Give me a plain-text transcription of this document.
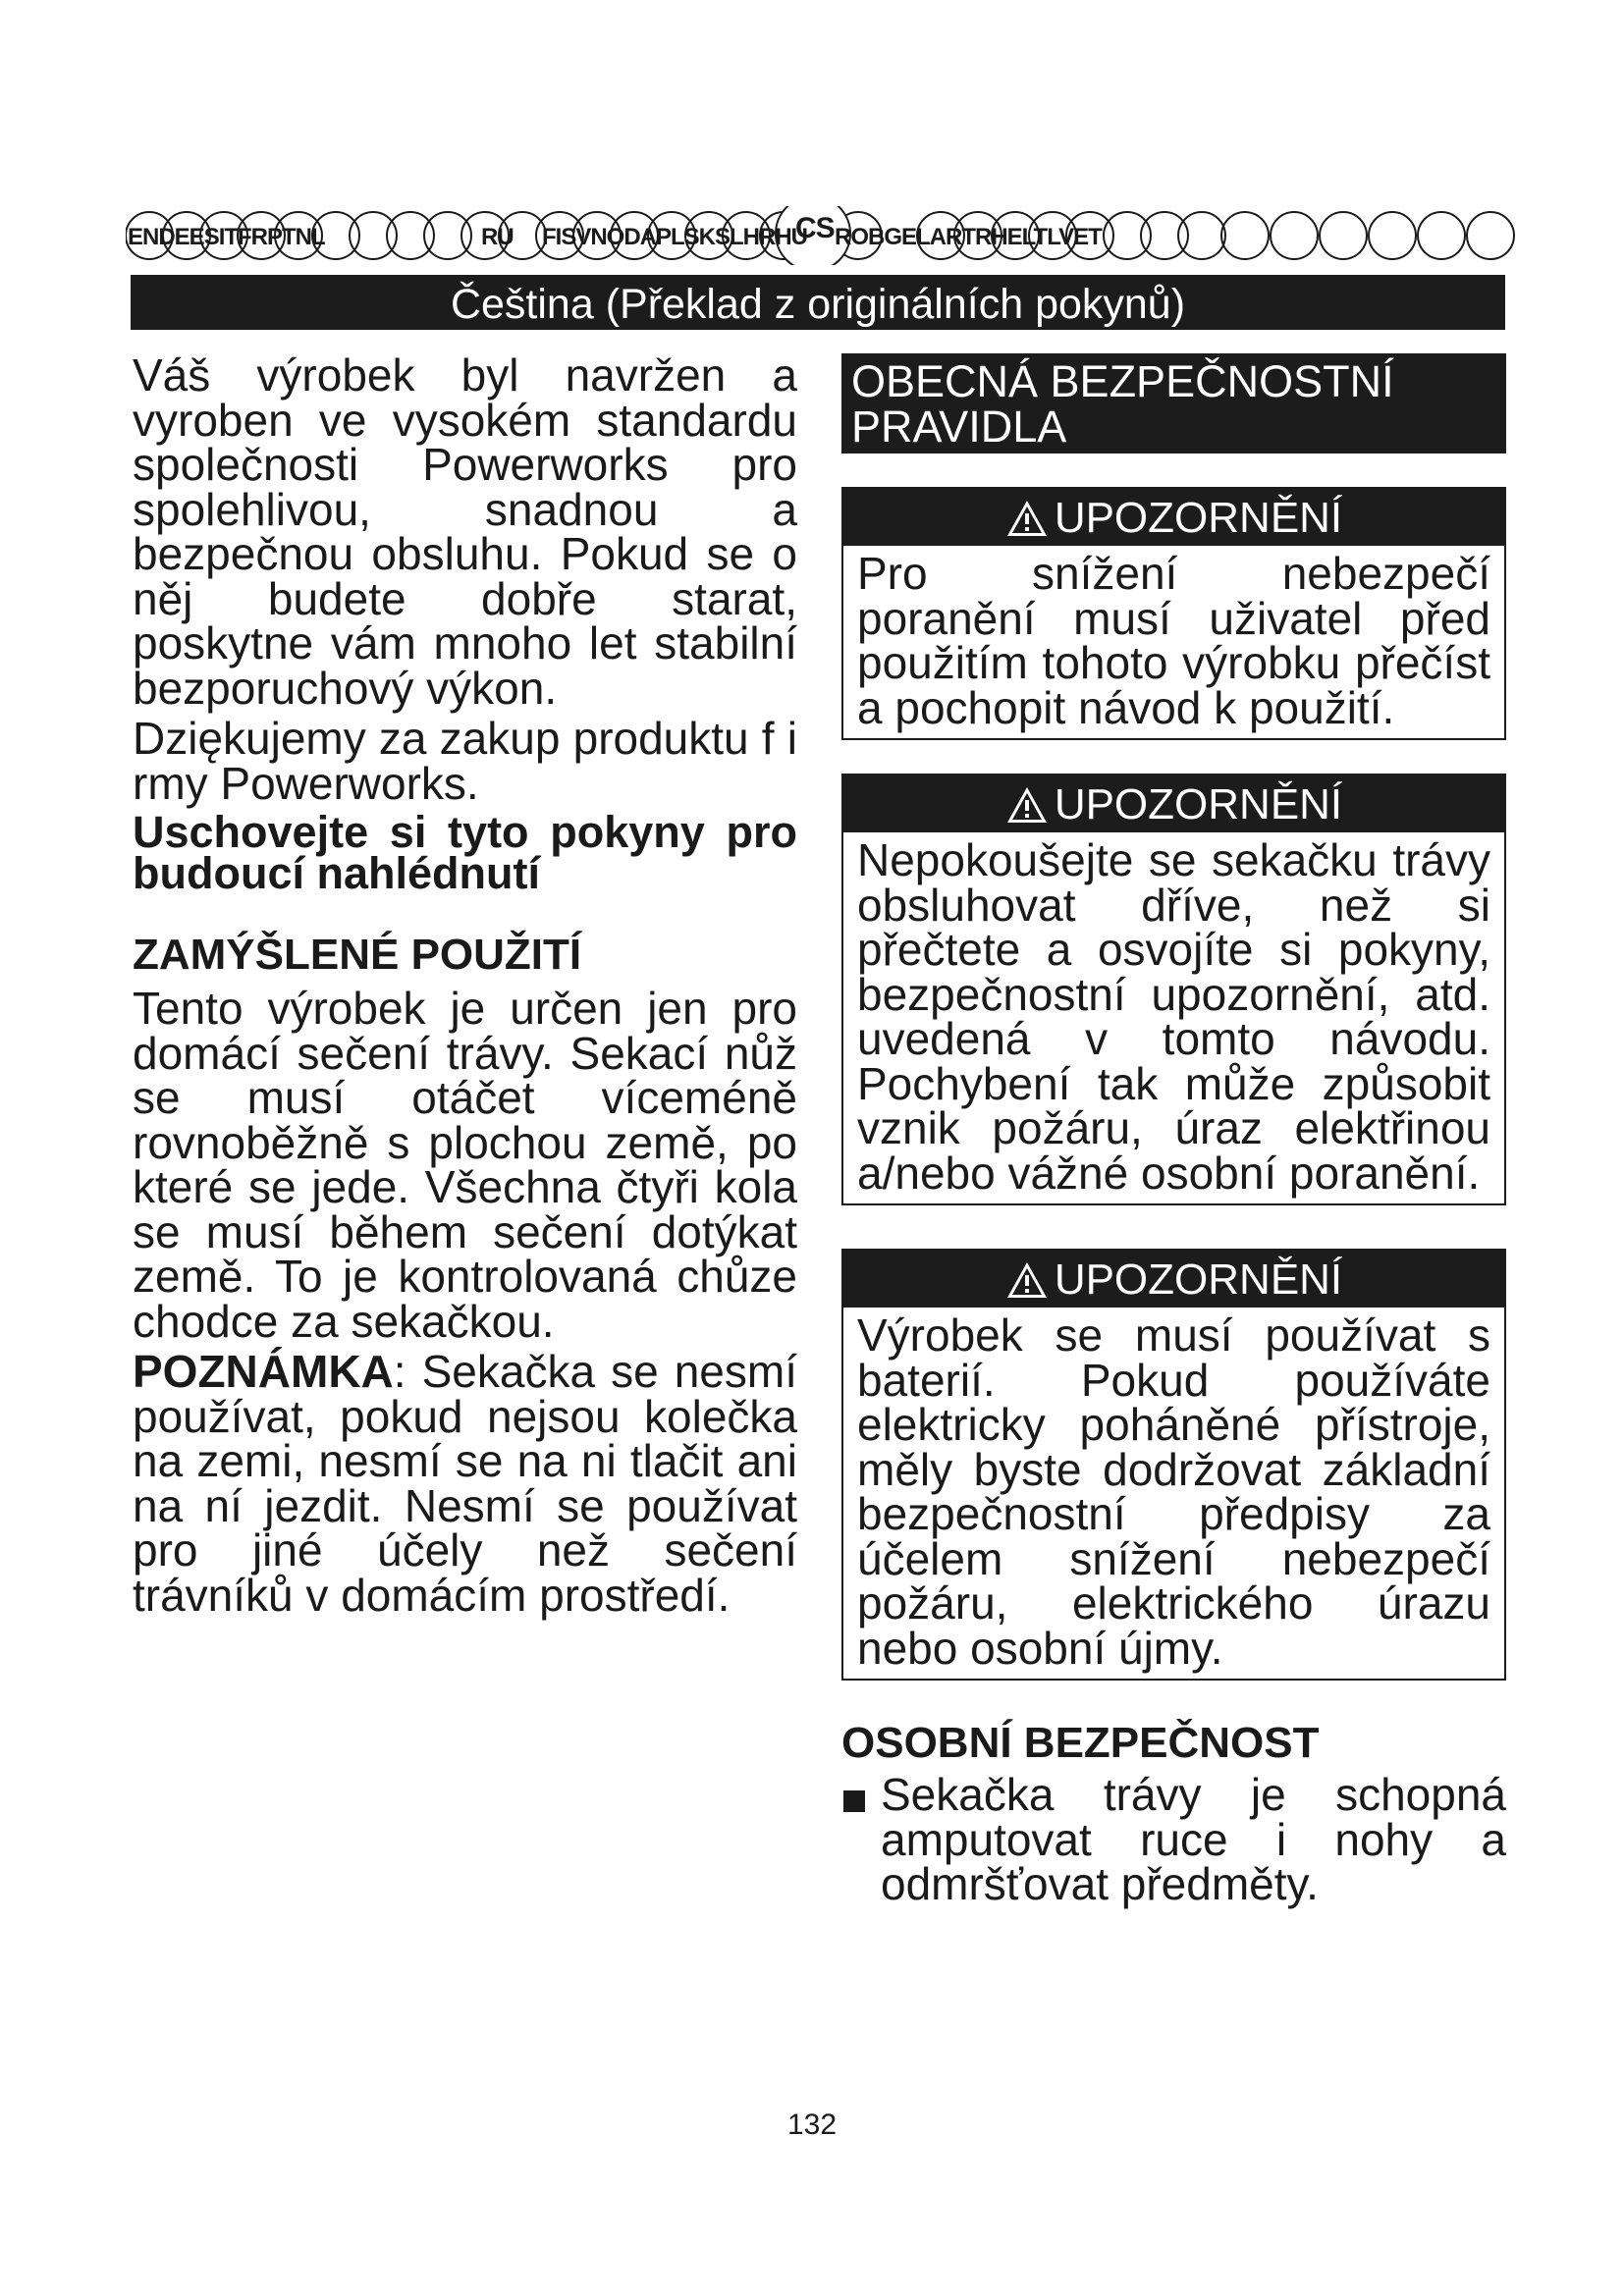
ENDEESITFRPTNL	RU FISVNODAPLSKSLHRHU
CS ROBGELARTRHELTLVET
Čeština (Překlad z originálních pokynů)

Váš výrobek byl navržen a vyroben ve vysokém standardu společnosti Powerworks pro spolehlivou, snadnou a bezpečnou obsluhu. Pokud se o něj budete dobře starat, poskytne vám mnoho let stabilní bezporuchový výkon.

Dziękujemy za zakup produktu f i rmy Powerworks.

Uschovejte si tyto pokyny pro budoucí nahlédnutí

ZAMÝŠLENÉ POUŽITÍ

Tento výrobek je určen jen pro domácí sečení trávy. Sekací nůž se musí otáčet víceméně rovnoběžně s plochou země, po které se jede. Všechna čtyři kola se musí během sečení dotýkat země. To je kontrolovaná chůze chodce za sekačkou.

POZNÁMKA: Sekačka se nesmí používat, pokud nejsou kolečka na zemi, nesmí se na ni tlačit ani na ní jezdit. Nesmí se používat pro jiné účely než sečení trávníků v domácím prostředí.

OBECNÁ BEZPEČNOSTNÍ
PRAVIDLA
UPOZORNĚNÍ
Pro snížení nebezpečí poranění musí uživatel před použitím tohoto výrobku přečíst a pochopit návod k použití.
UPOZORNĚNÍ
Nepokoušejte se sekačku trávy obsluhovat dříve, než si přečtete a osvojíte si pokyny, bezpečnostní upozornění, atd. uvedená v tomto návodu. Pochybení tak může způsobit vznik požáru, úraz elektřinou a/nebo vážné osobní poranění.
UPOZORNĚNÍ
Výrobek se musí používat s baterií. Pokud používáte elektricky poháněné přístroje, měly byste dodržovat základní bezpečnostní předpisy za účelem snížení nebezpečí požáru, elektrického úrazu nebo osobní újmy.

OSOBNÍ BEZPEČNOST

Sekačka trávy je schopná amputovat ruce i nohy a odmršťovat předměty.

132
